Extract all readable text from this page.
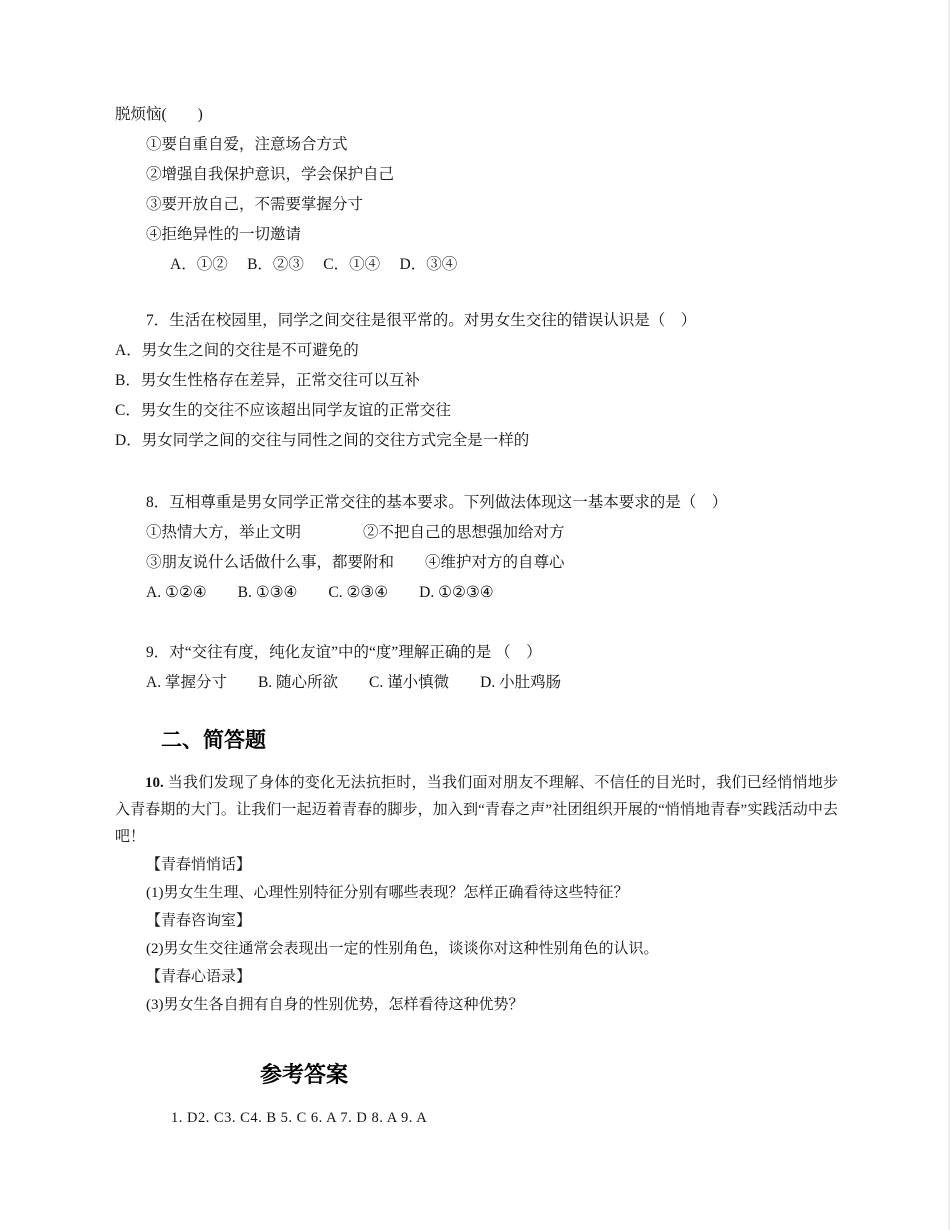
脱烦恼(　　)

①要自重自爱，注意场合方式

②增强自我保护意识，学会保护自己

③要开放自己，不需要掌握分寸

④拒绝异性的一切邀请

A．①②　 B．②③　 C．①④　 D．③④

7．生活在校园里，同学之间交往是很平常的。对男女生交往的错误认识是（　）

A．男女生之间的交往是不可避免的

B．男女生性格存在差异，正常交往可以互补

C．男女生的交往不应该超出同学友谊的正常交往

D．男女同学之间的交往与同性之间的交往方式完全是一样的

8．互相尊重是男女同学正常交往的基本要求。下列做法体现这一基本要求的是（　）

①热情大方，举止文明　　　　②不把自己的思想强加给对方

③朋友说什么话做什么事，都要附和　　④维护对方的自尊心

A. ①②④　　B. ①③④　　C. ②③④　　D. ①②③④

9．对“交往有度，纯化友谊”中的“度”理解正确的是 （　）

A. 掌握分寸　　B. 随心所欲　　C. 谨小慎微　　D. 小肚鸡肠

二、简答题

10. 当我们发现了身体的变化无法抗拒时，当我们面对朋友不理解、不信任的目光时，我们已经悄悄地步入青春期的大门。让我们一起迈着青春的脚步，加入到“青春之声”社团组织开展的“悄悄地青春”实践活动中去吧！

【青春悄悄话】

(1)男女生生理、心理性别特征分别有哪些表现？怎样正确看待这些特征？

【青春咨询室】

(2)男女生交往通常会表现出一定的性别角色，谈谈你对这种性别角色的认识。

【青春心语录】

(3)男女生各自拥有自身的性别优势，怎样看待这种优势？

参考答案

1. D2. C3. C4. B 5. C 6. A 7. D 8. A 9. A
